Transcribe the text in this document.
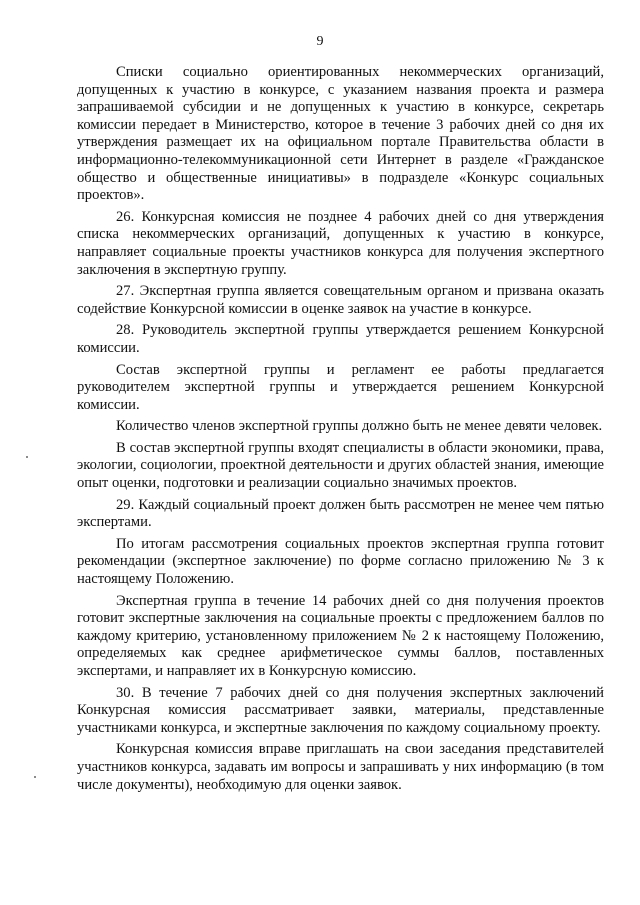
9

Списки социально ориентированных некоммерческих организаций, допущенных к участию в конкурсе, с указанием названия проекта и размера запрашиваемой субсидии и не допущенных к участию в конкурсе, секретарь комиссии передает в Министерство, которое в течение 3 рабочих дней со дня их утверждения размещает их на официальном портале Правительства области в информационно-телекоммуникационной сети Интернет в разделе «Гражданское общество и общественные инициативы» в подразделе «Конкурс социальных проектов».

26. Конкурсная комиссия не позднее 4 рабочих дней со дня утверждения списка некоммерческих организаций, допущенных к участию в конкурсе, направляет социальные проекты участников конкурса для получения экспертного заключения в экспертную группу.

27. Экспертная группа является совещательным органом и призвана оказать содействие Конкурсной комиссии в оценке заявок на участие в конкурсе.

28. Руководитель экспертной группы утверждается решением Конкурсной комиссии.

Состав экспертной группы и регламент ее работы предлагается руководителем экспертной группы и утверждается решением Конкурсной комиссии.

Количество членов экспертной группы должно быть не менее девяти человек.

В состав экспертной группы входят специалисты в области экономики, права, экологии, социологии, проектной деятельности и других областей знания, имеющие опыт оценки, подготовки и реализации социально значимых проектов.

29. Каждый социальный проект должен быть рассмотрен не менее чем пятью экспертами.

По итогам рассмотрения социальных проектов экспертная группа готовит рекомендации (экспертное заключение) по форме согласно приложению № 3 к настоящему Положению.

Экспертная группа в течение 14 рабочих дней со дня получения проектов готовит экспертные заключения на социальные проекты с предложением баллов по каждому критерию, установленному приложением № 2 к настоящему Положению, определяемых как среднее арифметическое суммы баллов, поставленных экспертами, и направляет их в Конкурсную комиссию.

30. В течение 7 рабочих дней со дня получения экспертных заключений Конкурсная комиссия рассматривает заявки, материалы, представленные участниками конкурса, и экспертные заключения по каждому социальному проекту.

Конкурсная комиссия вправе приглашать на свои заседания представителей участников конкурса, задавать им вопросы и запрашивать у них информацию (в том числе документы), необходимую для оценки заявок.
